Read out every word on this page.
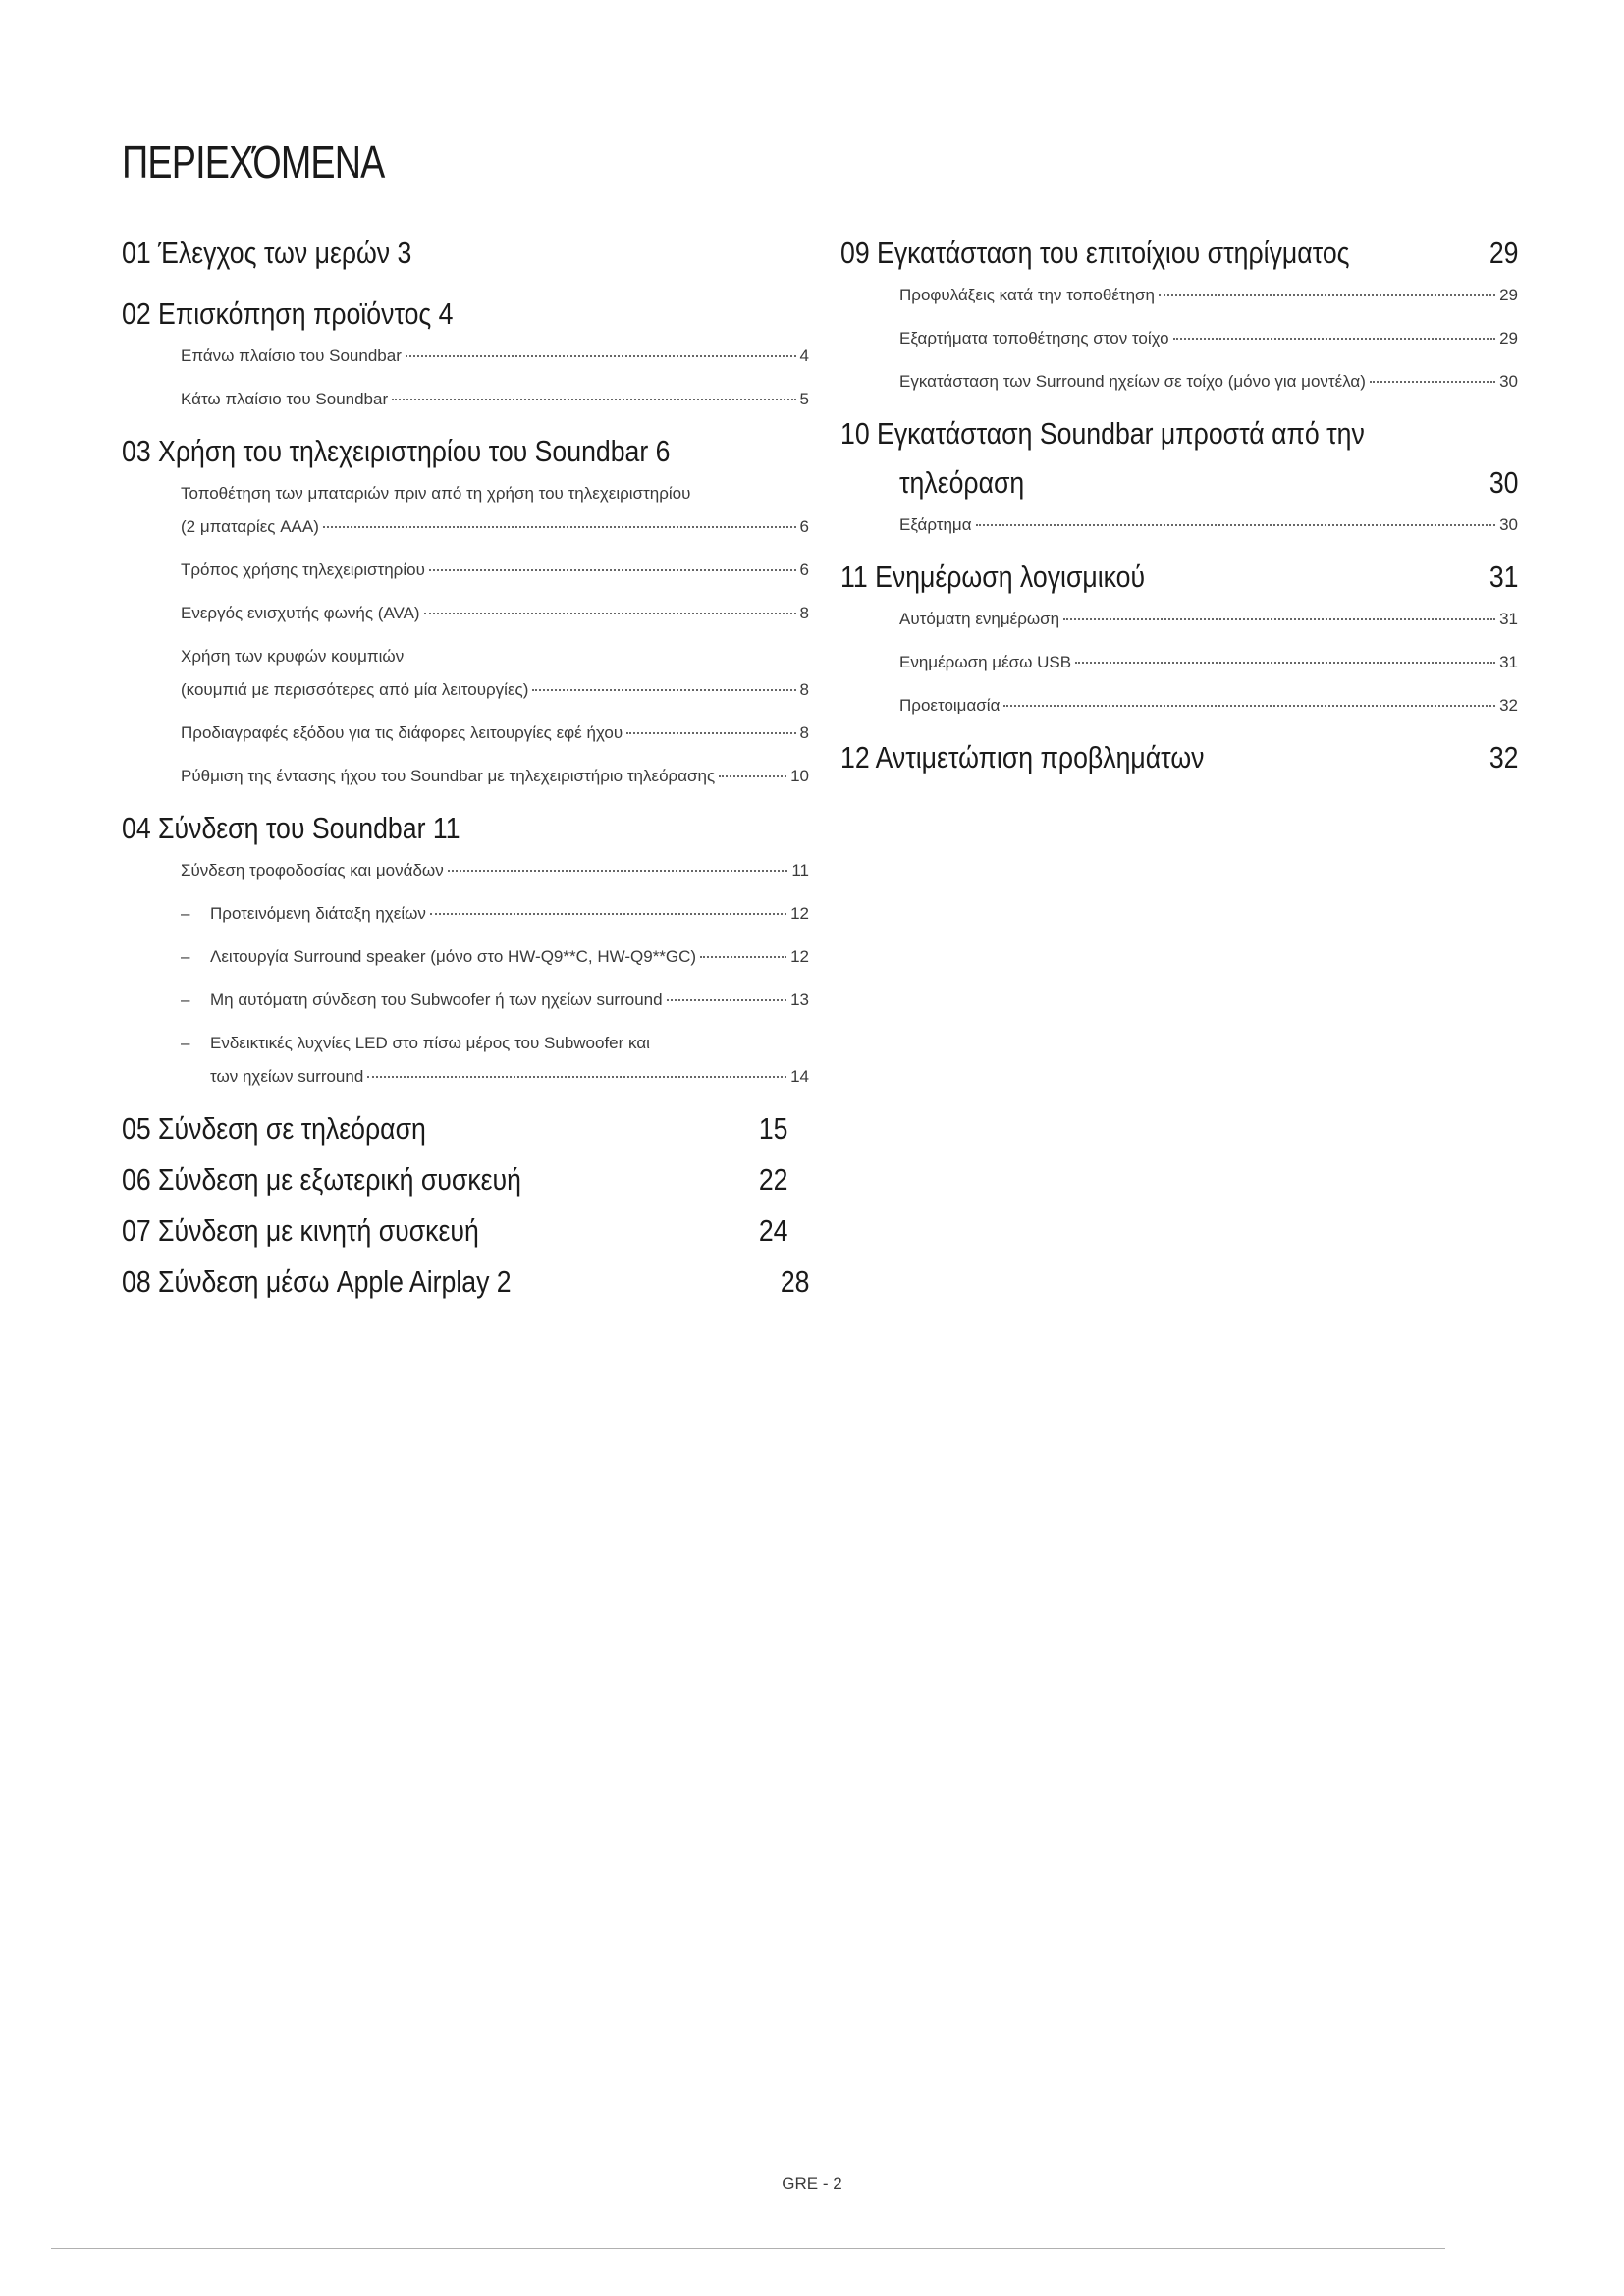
ΠΕΡΙΕΧΌΜΕΝΑ
01 Έλεγχος των μερών 3
02 Επισκόπηση προϊόντος 4
Επάνω πλαίσιο του Soundbar	4
Κάτω πλαίσιο του Soundbar	5
03 Χρήση του τηλεχειριστηρίου του Soundbar 6
Τοποθέτηση των μπαταριών πριν από τη χρήση του τηλεχειριστηρίου
(2 μπαταρίες AAA)	6
Τρόπος χρήσης τηλεχειριστηρίου	6
Ενεργός ενισχυτής φωνής (AVA)	8
Χρήση των κρυφών κουμπιών
(κουμπιά με περισσότερες από μία λειτουργίες)	8
Προδιαγραφές εξόδου για τις διάφορες λειτουργίες εφέ ήχου	8
Ρύθμιση της έντασης ήχου του Soundbar με τηλεχειριστήριο τηλεόρασης	10
04 Σύνδεση του Soundbar 11
Σύνδεση τροφοδοσίας και μονάδων	11
–	Προτεινόμενη διάταξη ηχείων	12
–	Λειτουργία Surround speaker (μόνο στο HW-Q9**C, HW-Q9**GC)	12
–	Μη αυτόματη σύνδεση του Subwoofer ή των ηχείων surround	13
– Ενδεικτικές λυχνίες LED στο πίσω μέρος του Subwoofer και
των ηχείων surround	14
05 Σύνδεση σε τηλεόραση	15
06 Σύνδεση με εξωτερική συσκευή	22
07 Σύνδεση με κινητή συσκευή	24
08 Σύνδεση μέσω Apple Airplay 2	28
09 Εγκατάσταση του επιτοίχιου στηρίγματος	29
Προφυλάξεις κατά την τοποθέτηση	29
Εξαρτήματα τοποθέτησης στον τοίχο	29
Εγκατάσταση των Surround ηχείων σε τοίχο (μόνο για μοντέλα)	30
10 Εγκατάσταση Soundbar μπροστά από την
τηλεόραση	30
Εξάρτημα	30
11 Ενημέρωση λογισμικού	31
Αυτόματη ενημέρωση	31
Ενημέρωση μέσω USB	31
Προετοιμασία	32
12 Αντιμετώπιση προβλημάτων	32
GRE - 2
